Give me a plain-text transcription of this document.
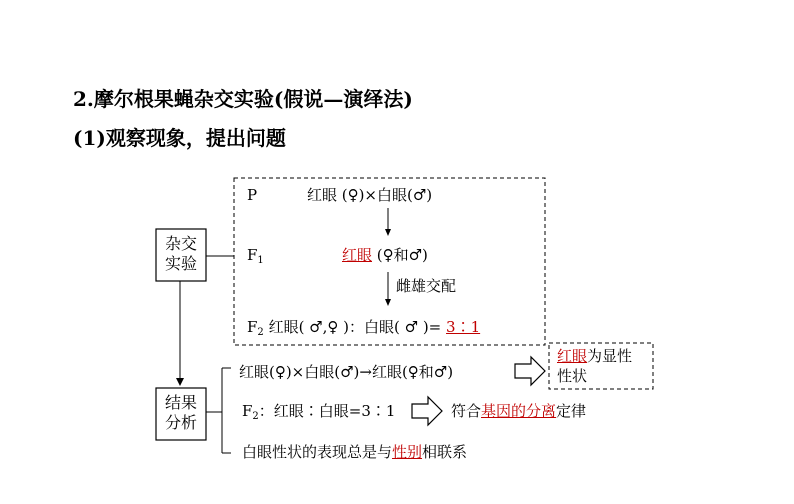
2.摩尔根果蝇杂交实验(假说—演绎法)
(1)观察现象，提出问题
杂交
实验
结果
分析
P	红眼 (♀)×白眼(♂)
$F_1$	红眼 (♀和♂)
雌雄交配
$F_2$ 红眼( ♂,♀ )：白眼( ♂ )= 3∶1
红眼(♀)×白眼(♂)→红眼(♀和♂)
红眼为显性
性状
$F_2$：红眼∶白眼=3∶1	符合基因的分离定律
白眼性状的表现总是与性别相联系
